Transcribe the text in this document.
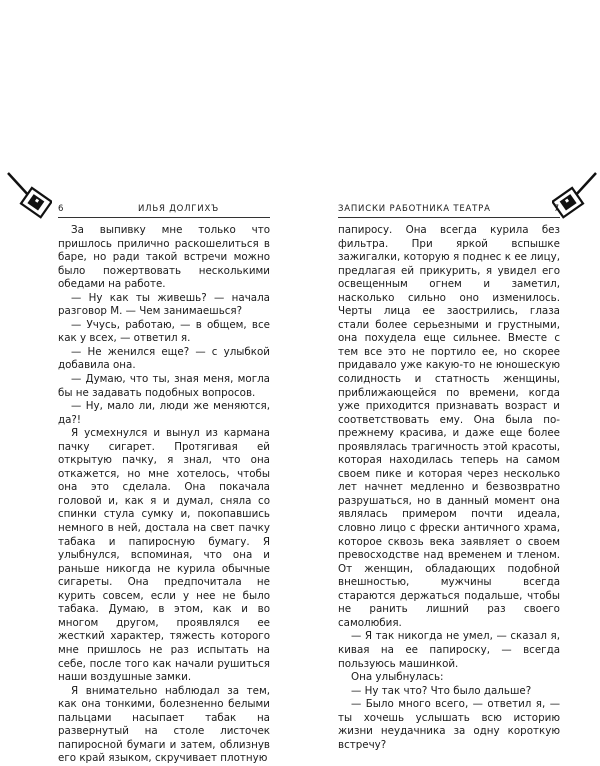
6	ИЛЬЯ ДОЛГИХЪ

За выпивку мне только что пришлось прилично раскошелиться в баре, но ради такой встречи можно было пожертвовать несколькими обедами на работе.

— Ну как ты живешь? — начала разговор М. — Чем занимаешься?

— Учусь, работаю, — в общем, все как у всех, — ответил я.

— Не женился еще? — с улыбкой добавила она.

— Думаю, что ты, зная меня, могла бы не задавать подобных вопросов.

— Ну, мало ли, люди же меняются, да?!

Я усмехнулся и вынул из кармана пачку сигарет. Протягивая ей открытую пачку, я знал, что она откажется, но мне хотелось, чтобы она это сделала. Она покачала головой и, как я и думал, сняла со спинки стула сумку и, покопавшись немного в ней, достала на свет пачку табака и папиросную бумагу. Я улыбнулся, вспоминая, что она и раньше никогда не курила обычные сигареты. Она предпочитала не курить совсем, если у нее не было табака. Думаю, в этом, как и во многом другом, проявлялся ее жесткий характер, тяжесть которого мне пришлось не раз испытать на себе, после того как начали рушиться наши воздушные замки.

Я внимательно наблюдал за тем, как она тонкими, болезненно белыми пальцами насыпает табак на развернутый на столе листочек папиросной бумаги и затем, облизнув его край языком, скручивает плотную

ЗАПИСКИ РАБОТНИКА ТЕАТРА	7

папиросу. Она всегда курила без фильтра. При яркой вспышке зажигалки, которую я поднес к ее лицу, предлагая ей прикурить, я увидел его освещенным огнем и заметил, насколько сильно оно изменилось. Черты лица ее заострились, глаза стали более серьезными и грустными, она похудела еще сильнее. Вместе с тем все это не портило ее, но скорее придавало уже какую-то не юношескую солидность и статность женщины, приближающейся по времени, когда уже приходится признавать возраст и соответствовать ему. Она была по-прежнему красива, и даже еще более проявлялась трагичность этой красоты, которая находилась теперь на самом своем пике и которая через несколько лет начнет медленно и безвозвратно разрушаться, но в данный момент она являлась примером почти идеала, словно лицо с фрески античного храма, которое сквозь века заявляет о своем превосходстве над временем и тленом. От женщин, обладающих подобной внешностью, мужчины всегда стараются держаться подальше, чтобы не ранить лишний раз своего самолюбия.

— Я так никогда не умел, — сказал я, кивая на ее папироску, — всегда пользуюсь машинкой.

Она улыбнулась:

— Ну так что? Что было дальше?

— Было много всего, — ответил я, — ты хочешь услышать всю историю жизни неудачника за одну короткую встречу?
